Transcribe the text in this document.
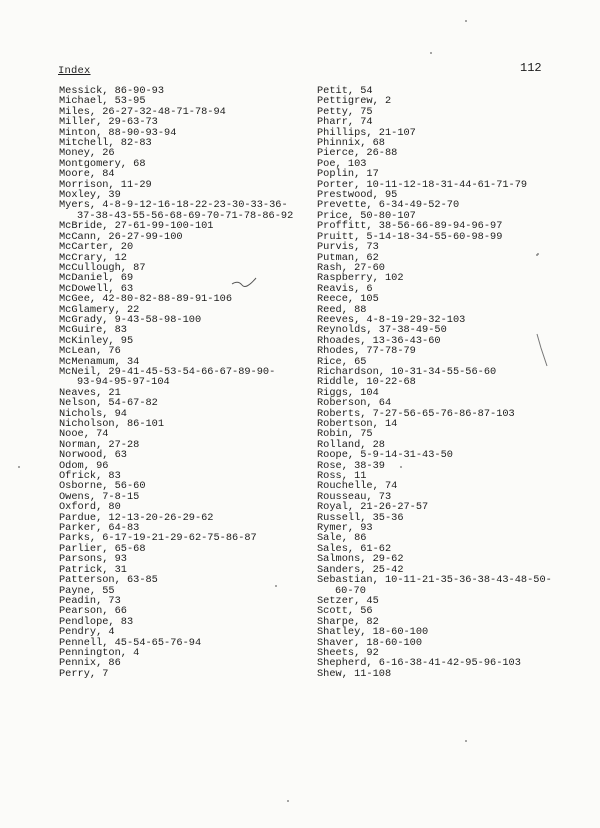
Index	112
Messick, 86-90-93
Michael, 53-95
Miles, 26-27-32-48-71-78-94
Miller, 29-63-73
Minton, 88-90-93-94
Mitchell, 82-83
Money, 26
Montgomery, 68
Moore, 84
Morrison, 11-29
Moxley, 39
Myers, 4-8-9-12-16-18-22-23-30-33-36-
37-38-43-55-56-68-69-70-71-78-86-92
McBride, 27-61-99-100-101
McCann, 26-27-99-100
McCarter, 20
McCrary, 12
McCullough, 87
McDaniel, 69
McDowell, 63
McGee, 42-80-82-88-89-91-106
McGlamery, 22
McGrady, 9-43-58-98-100
McGuire, 83
McKinley, 95
McLean, 76
McMenamum, 34
McNeil, 29-41-45-53-54-66-67-89-90-
93-94-95-97-104
Neaves, 21
Nelson, 54-67-82
Nichols, 94
Nicholson, 86-101
Nooe, 74
Norman, 27-28
Norwood, 63
Odom, 96
Ofrick, 83
Osborne, 56-60
Owens, 7-8-15
Oxford, 80
Pardue, 12-13-20-26-29-62
Parker, 64-83
Parks, 6-17-19-21-29-62-75-86-87
Parlier, 65-68
Parsons, 93
Patrick, 31
Patterson, 63-85
Payne, 55
Peadin, 73
Pearson, 66
Pendlope, 83
Pendry, 4
Pennell, 45-54-65-76-94
Pennington, 4
Pennix, 86
Perry, 7
Petit, 54
Pettigrew, 2
Petty, 75
Pharr, 74
Phillips, 21-107
Phinnix, 68
Pierce, 26-88
Poe, 103
Poplin, 17
Porter, 10-11-12-18-31-44-61-71-79
Prestwood, 95
Prevette, 6-34-49-52-70
Price, 50-80-107
Proffitt, 38-56-66-89-94-96-97
Pruitt, 5-14-18-34-55-60-98-99
Purvis, 73
Putman, 62
Rash, 27-60
Raspberry, 102
Reavis, 6
Reece, 105
Reed, 88
Reeves, 4-8-19-29-32-103
Reynolds, 37-38-49-50
Rhoades, 13-36-43-60
Rhodes, 77-78-79
Rice, 65
Richardson, 10-31-34-55-56-60
Riddle, 10-22-68
Riggs, 104
Roberson, 64
Roberts, 7-27-56-65-76-86-87-103
Robertson, 14
Robin, 75
Rolland, 28
Roope, 5-9-14-31-43-50
Rose, 38-39
Ross, 11
Rouchelle, 74
Rousseau, 73
Royal, 21-26-27-57
Russell, 35-36
Rymer, 93
Sale, 86
Sales, 61-62
Salmons, 29-62
Sanders, 25-42
Sebastian, 10-11-21-35-36-38-43-48-50-
60-70
Setzer, 45
Scott, 56
Sharpe, 82
Shatley, 18-60-100
Shaver, 18-60-100
Sheets, 92
Shepherd, 6-16-38-41-42-95-96-103
Shew, 11-108
